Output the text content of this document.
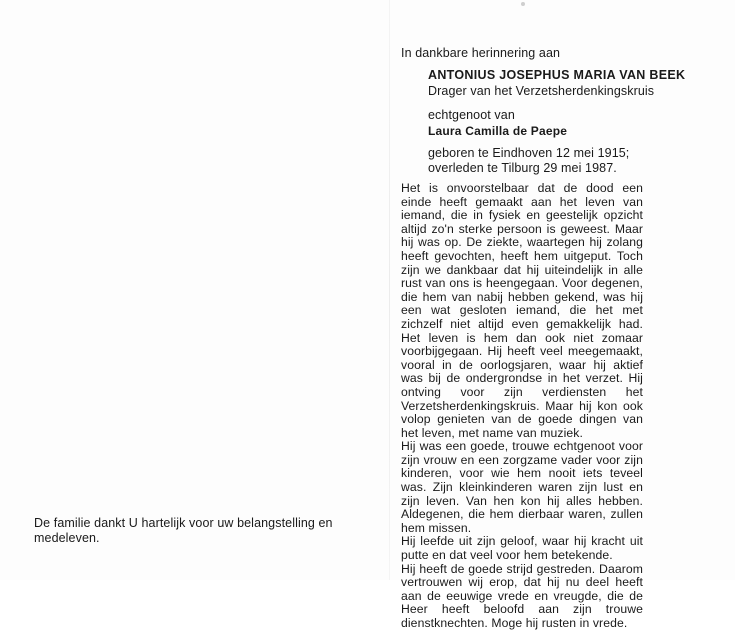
De familie dankt U hartelijk voor uw belangstelling en medeleven.
In dankbare herinnering aan
ANTONIUS JOSEPHUS MARIA VAN BEEK
Drager van het Verzetsherdenkingskruis
echtgenoot van
Laura Camilla de Paepe
geboren te Eindhoven 12 mei 1915;
overleden te Tilburg 29 mei 1987.

Het is onvoorstelbaar dat de dood een einde heeft gemaakt aan het leven van iemand, die in fysiek en geestelijk opzicht altijd zo'n sterke persoon is geweest. Maar hij was op. De ziekte, waartegen hij zolang heeft gevochten, heeft hem uitgeput. Toch zijn we dankbaar dat hij uiteindelijk in alle rust van ons is heengegaan. Voor degenen, die hem van nabij hebben gekend, was hij een wat gesloten iemand, die het met zichzelf niet altijd even gemakkelijk had. Het leven is hem dan ook niet zomaar voorbijgegaan. Hij heeft veel meegemaakt, vooral in de oorlogsjaren, waar hij aktief was bij de ondergrondse in het verzet. Hij ontving voor zijn verdiensten het Verzetsherdenkingskruis. Maar hij kon ook volop genieten van de goede dingen van het leven, met name van muziek.

Hij was een goede, trouwe echtgenoot voor zijn vrouw en een zorgzame vader voor zijn kinderen, voor wie hem nooit iets teveel was. Zijn kleinkinderen waren zijn lust en zijn leven. Van hen kon hij alles hebben. Aldegenen, die hem dierbaar waren, zullen hem missen.

Hij leefde uit zijn geloof, waar hij kracht uit putte en dat veel voor hem betekende.

Hij heeft de goede strijd gestreden. Daarom vertrouwen wij erop, dat hij nu deel heeft aan de eeuwige vrede en vreugde, die de Heer heeft beloofd aan zijn trouwe dienstknechten. Moge hij rusten in vrede.
